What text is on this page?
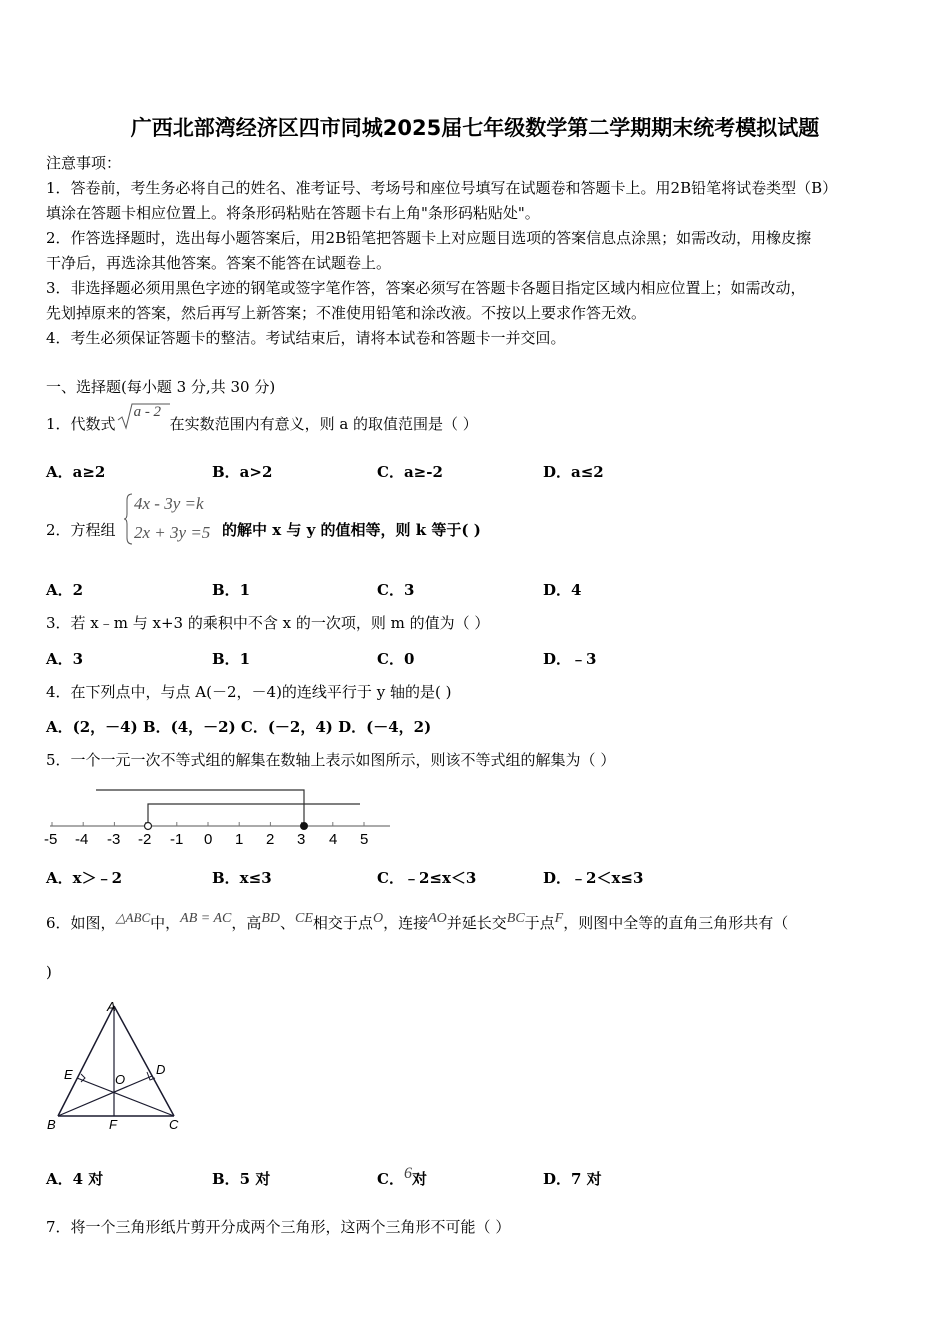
广西北部湾经济区四市同城2025届七年级数学第二学期期末统考模拟试题
注意事项：
1．答卷前，考生务必将自己的姓名、准考证号、考场号和座位号填写在试题卷和答题卡上。用2B铅笔将试卷类型（B）
填涂在答题卡相应位置上。将条形码粘贴在答题卡右上角"条形码粘贴处"。
2．作答选择题时，选出每小题答案后，用2B铅笔把答题卡上对应题目选项的答案信息点涂黑；如需改动，用橡皮擦
干净后，再选涂其他答案。答案不能答在试题卷上。
3．非选择题必须用黑色字迹的钢笔或签字笔作答，答案必须写在答题卡各题目指定区域内相应位置上；如需改动，
先划掉原来的答案，然后再写上新答案；不准使用铅笔和涂改液。不按以上要求作答无效。
4．考生必须保证答题卡的整洁。考试结束后，请将本试卷和答题卡一并交回。
一、选择题(每小题 3 分,共 30 分)
1．代数式
a - 2
在实数范围内有意义，则 a 的取值范围是（ ）
A．a≥2	B．a>2	C．a≥-2	D．a≤2
2．方程组
4x - 3y =k
2x + 3y =5 的解中 x 与 y 的值相等，则 k 等于( )
A．2	B．1	C．3	D．4
3．若 x﹣m 与 x+3 的乘积中不含 x 的一次项，则 m 的值为（ ）
A．3	B．1	C．0	D．﹣3
4．在下列点中，与点 A(－2，－4)的连线平行于 y 轴的是( )
A．(2，－4) B．(4，－2) C．(－2，4) D．(－4，2)
5．一个一元一次不等式组的解集在数轴上表示如图所示，则该不等式组的解集为（ ）
-5 -4 -3 -2 -1 0 1 2 3 4 5
A．x＞﹣2	B．x≤3	C．﹣2≤x＜3	D．﹣2＜x≤3
6．如图，△ABC中，AB = AC，高BD、CE相交于点O，连接AO并延长交BC于点F，则图中全等的直角三角形共有（
)
A
E	D
O
B	F	C
A．4 对	B．5 对	C．6对	D．7 对
7．将一个三角形纸片剪开分成两个三角形，这两个三角形不可能（ ）
